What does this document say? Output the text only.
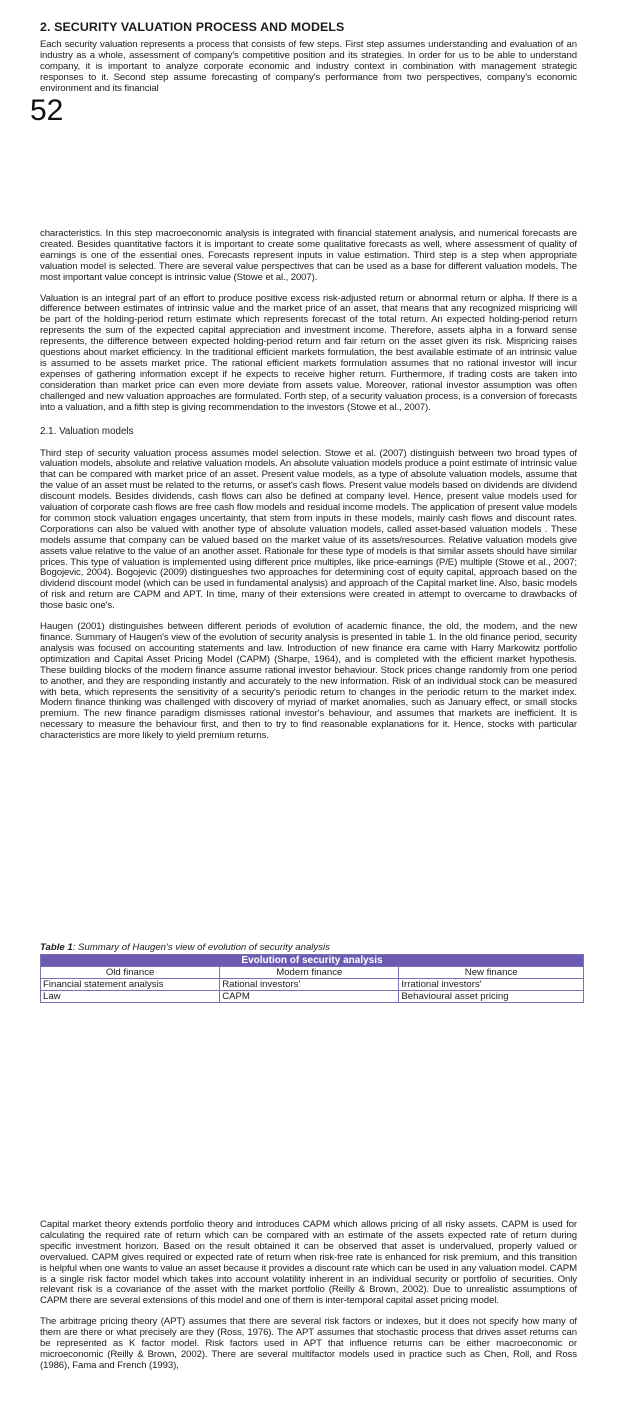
2. SECURITY VALUATION PROCESS AND MODELS

Each security valuation represents a process that consists of few steps. First step assumes understanding and evaluation of an industry as a whole, assessment of company's competitive position and its strategies. In order for us to be able to understand company, it is important to analyze corporate economic and industry context in combination with management strategic responses to it. Second step assume forecasting of company's performance from two perspectives, company's economic environment and its financial

52

characteristics. In this step macroeconomic analysis is integrated with financial statement analysis, and numerical forecasts are created. Besides quantitative factors it is important to create some qualitative forecasts as well, where assessment of quality of earnings is one of the essential ones. Forecasts represent inputs in value estimation. Third step is a step when appropriate valuation model is selected. There are several value perspectives that can be used as a base for different valuation models. The most important value concept is intrinsic value (Stowe et al., 2007).

Valuation is an integral part of an effort to produce positive excess risk-adjusted return or abnormal return or alpha. If there is a difference between estimates of intrinsic value and the market price of an asset, that means that any recognized mispricing will be part of the holding-period return estimate which represents forecast of the total return. An expected holding-period return represents the sum of the expected capital appreciation and investment income. Therefore, assets alpha in a forward sense represents, the difference between expected holding-period return and fair return on the asset given its risk. Mispricing raises questions about market efficiency. In the traditional efficient markets formulation, the best available estimate of an intrinsic value is assumed to be assets market price. The rational efficient markets formulation assumes that no rational investor will incur expenses of gathering information except if he expects to receive higher return. Furthermore, if trading costs are taken into consideration than market price can even more deviate from assets value. Moreover, rational investor assumption was often challenged and new valuation approaches are formulated. Forth step, of a security valuation process, is a conversion of forecasts into a valuation, and a fifth step is giving recommendation to the investors (Stowe et al., 2007).

2.1. Valuation models

Third step of security valuation process assumes model selection. Stowe et al. (2007) distinguish between two broad types of valuation models, absolute and relative valuation models. An absolute valuation models produce a point estimate of intrinsic value that can be compared with market price of an asset. Present value models, as a type of absolute valuation models, assume that the value of an asset must be related to the returns, or asset's cash flows. Present value models based on dividends are dividend discount models. Besides dividends, cash flows can also be defined at company level. Hence, present value models used for valuation of corporate cash flows are free cash flow models and residual income models. The application of present value models for common stock valuation engages uncertainty, that stem from inputs in these models, mainly cash flows and discount rates. Corporations can also be valued with another type of absolute valuation models, called asset-based valuation models . These models assume that company can be valued based on the market value of its assets/resources. Relative valuation models give assets value relative to the value of an another asset. Rationale for these type of models is that similar assets should have similar prices. This type of valuation is implemented using different price multiples, like price-earnings (P/E) multiple (Stowe et al., 2007; Bogojevic, 2004). Bogojevic (2009) distingueshes two approaches for determining cost of equity capital, approach based on the dividend discount model (which can be used in fundamental analysis) and approach of the Capital market line. Also, basic models of risk and return are CAPM and APT. In time, many of their extensions were created in attempt to overcame to drawbacks of those basic one's.

Haugen (2001) distinguishes between different periods of evolution of academic finance, the old, the modern, and the new finance. Summary of Haugen's view of the evolution of security analysis is presented in table 1. In the old finance period, security analysis was focused on accounting statements and law. Introduction of new finance era came with Harry Markowitz portfolio optimization and Capital Asset Pricing Model (CAPM) (Sharpe, 1964), and is completed with the efficient market hypothesis. These building blocks of the modern finance assume rational investor behaviour. Stock prices change randomly from one period to another, and they are responding instantly and accurately to the new information. Risk of an individual stock can be measured with beta, which represents the sensitivity of a security's periodic return to changes in the periodic return to the market index. Modern finance thinking was challenged with discovery of myriad of market anomalies, such as January effect, or small stocks premium. The new finance paradigm dismisses rational investor's behaviour, and assumes that markets are inefficient. It is necessary to measure the behaviour first, and then to try to find reasonable explanations for it. Hence, stocks with particular characteristics are more likely to yield premium returns.

Table 1: Summary of Haugen's view of evolution of security analysis

Evolution of security analysis		
Old finance	Modern finance	New finance
Financial statement analysis	Rational investors'	Irrational investors'
Law	CAPM	Behavioural asset pricing

Capital market theory extends portfolio theory and introduces CAPM which allows pricing of all risky assets. CAPM is used for calculating the required rate of return which can be compared with an estimate of the assets expected rate of return during specific investment horizon. Based on the result obtained it can be observed that asset is undervalued, properly valued or overvalued. CAPM gives required or expected rate of return when risk-free rate is enhanced for risk premium, and this transition is helpful when one wants to value an asset because it provides a discount rate which can be used in any valuation model. CAPM is a single risk factor model which takes into account volatility inherent in an individual security or portfolio of securities. Only relevant risk is a covariance of the asset with the market portfolio (Reilly & Brown, 2002). Due to unrealistic assumptions of CAPM there are several extensions of this model and one of them is inter-temporal capital asset pricing model.

The arbitrage pricing theory (APT) assumes that there are several risk factors or indexes, but it does not specify how many of them are there or what precisely are they (Ross, 1976). The APT assumes that stochastic process that drives asset returns can be represented as K factor model. Risk factors used in APT that influence returns can be either macroeconomic or microeconomic (Reilly & Brown, 2002). There are several multifactor models used in practice such as Chen, Roll, and Ross (1986), Fama and French (1993),
